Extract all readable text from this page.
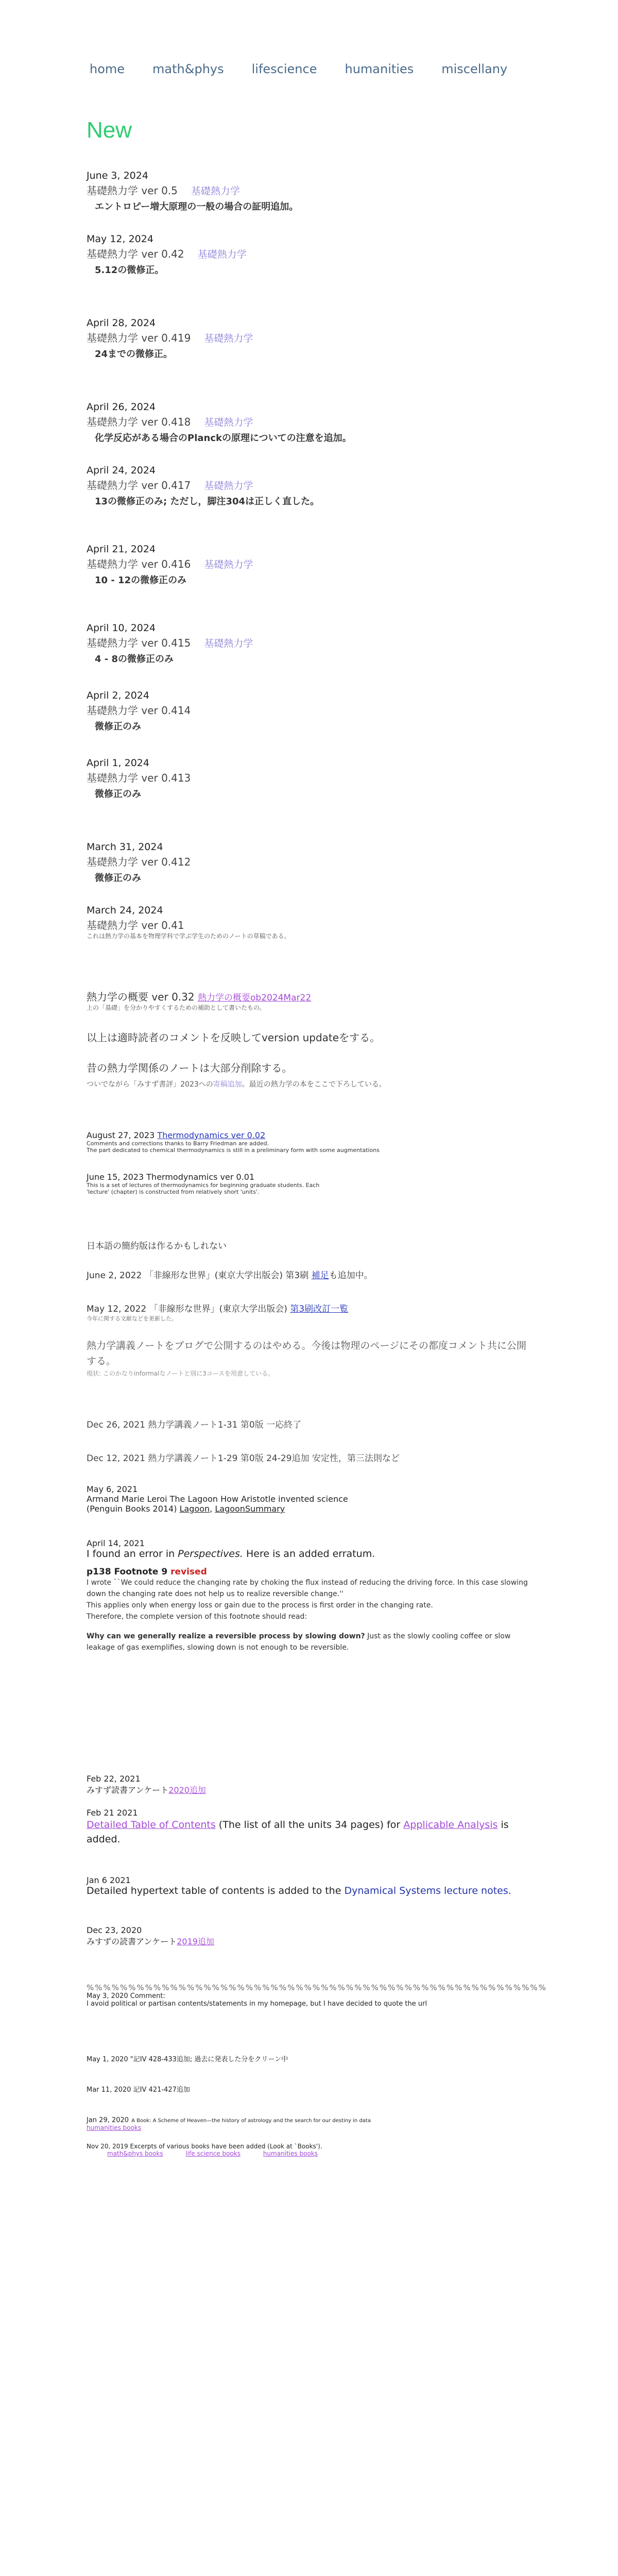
home math&phys lifescience humanities miscellany
New
June 3, 2024
基礎熱力学 ver 0.5 基礎熱力学
エントロピー増大原理の一般の場合の証明追加。
May 12, 2024
基礎熱力学 ver 0.42 基礎熱力学
5.12の微修正。
April 28, 2024
基礎熱力学 ver 0.419 基礎熱力学
24までの微修正。
April 26, 2024
基礎熱力学 ver 0.418 基礎熱力学
化学反応がある場合のPlanckの原理についての注意を追加。
April 24, 2024
基礎熱力学 ver 0.417 基礎熱力学
13の微修正のみ; ただし，脚注304は正しく直した。
April 21, 2024
基礎熱力学 ver 0.416 基礎熱力学
10 - 12の微修正のみ
April 10, 2024
基礎熱力学 ver 0.415 基礎熱力学
4 - 8の微修正のみ
April 2, 2024
基礎熱力学 ver 0.414
微修正のみ
April 1, 2024
基礎熱力学 ver 0.413
微修正のみ
March 31, 2024
基礎熱力学 ver 0.412
微修正のみ
March 24, 2024
基礎熱力学 ver 0.41
これは熱力学の基本を物理学科で学ぶ学生のためのノートの草稿である。
熱力学の概要 ver 0.32 熱力学の概要ob2024Mar22
上の「基礎」を分かりやすくするための補助として書いたもの。
以上は適時読者のコメントを反映してversion updateをする。
昔の熱力学関係のノートは大部分削除する。
ついでながら「みすず書評」2023への寄稿追加。最近の熱力学の本をここで下ろしている。
August 27, 2023 Thermodynamics ver 0.02
Comments and corrections thanks to Barry Friedman are added.
The part dedicated to chemical thermodynamics is still in a preliminary form with some augmentations
June 15, 2023 Thermodynamics ver 0.01
This is a set of lectures of thermodynamics for beginning graduate students. Each 'lecture' (chapter) is constructed from relatively short 'units'.
日本語の簡約版は作るかもしれない
June 2, 2022 「非線形な世界」(東京大学出版会) 第3刷 補足も追加中。
May 12, 2022 「非線形な世界」(東京大学出版会) 第3刷改訂一覧
今年に関する文献などを更新した。
熱力学講義ノートをブログで公開するのはやめる。今後は物理のページにその都度コメント共に公開する。
現状: このかなりinformalなノートと別に3コースを用意している。
Dec 26, 2021 熱力学講義ノート1-31 第0版 一応終了
Dec 12, 2021 熱力学講義ノート1-29 第0版 24-29追加 安定性，第三法則など
May 6, 2021
Armand Marie Leroi The Lagoon How Aristotle invented science (Penguin Books 2014) Lagoon, LagoonSummary
April 14, 2021
I found an error in Perspectives. Here is an added erratum.
p138 Footnote 9 revised
I wrote ``We could reduce the changing rate by choking the flux instead of reducing the driving force. In this case slowing down the changing rate does not help us to realize reversible change.''
This applies only when energy loss or gain due to the process is first order in the changing rate.
Therefore, the complete version of this footnote should read:
Why can we generally realize a reversible process by slowing down? Just as the slowly cooling coffee or slow leakage of gas exemplifies, slowing down is not enough to be reversible.
Feb 22, 2021
みすず読書アンケート2020追加
Feb 21 2021
Detailed Table of Contents (The list of all the units 34 pages) for Applicable Analysis is added.
Jan 6 2021
Detailed hypertext table of contents is added to the Dynamical Systems lecture notes.
Dec 23, 2020
みすずの読書アンケート2019追加
%%%%%%%%%%%%%%%%%%%%%%%%%%%%%%%%%%%%%%%%%%%%%%%%%%%%%%%
May 3, 2020 Comment:
I avoid political or partisan contents/statements in my homepage, but I have decided to quote the url
May 1, 2020 "記IV 428-433追加; 過去に発表した分をクリーン中
Mar 11, 2020 記IV 421-427追加
Jan 29, 2020 A Book: A Scheme of Heaven—the history of astrology and the search for our destiny in data
humanities books
Nov 20, 2019 Excerpts of various books have been added (Look at `Books').
math&phys books	life science books	humanities books
